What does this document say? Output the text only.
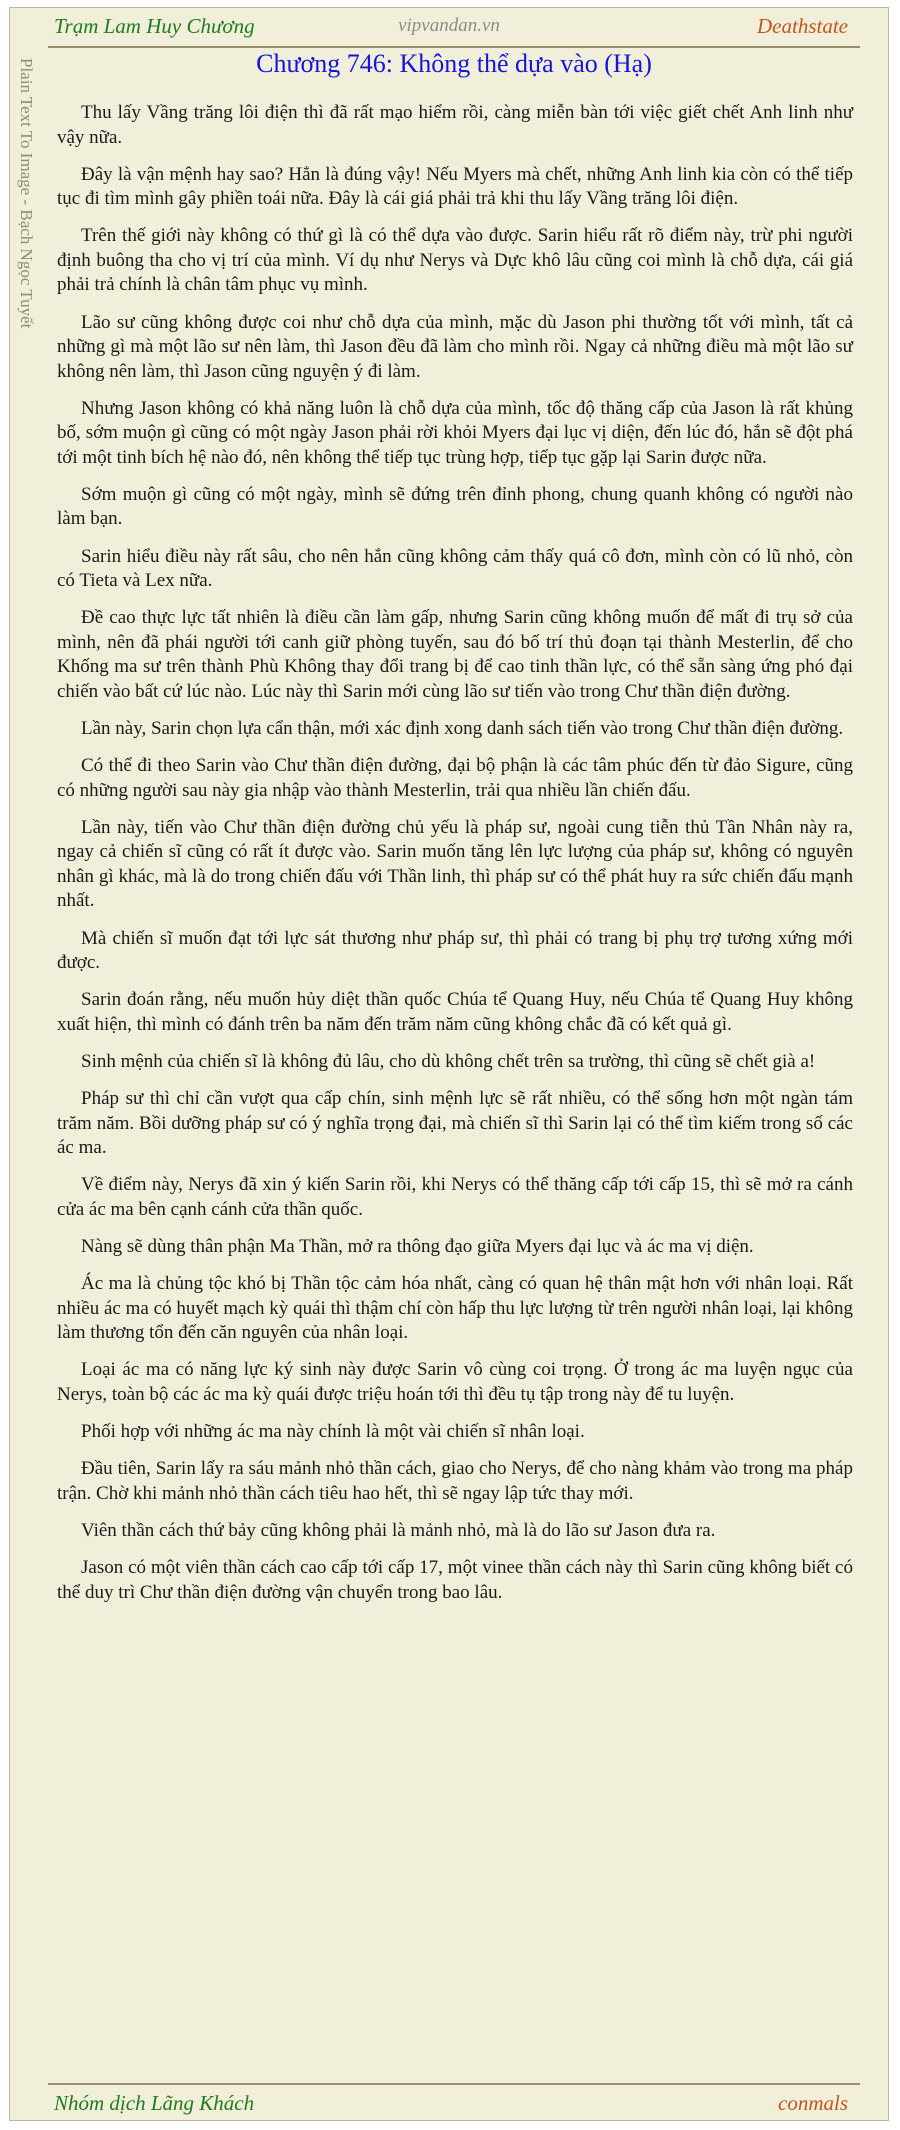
Trạm Lam Huy Chương	vipvandan.vn	Deathstate
Plain Text To Image - Bạch Ngọc Tuyết	Chương 746: Không thể dựa vào (Hạ)

Thu lấy Vầng trăng lôi điện thì đã rất mạo hiểm rồi, càng miễn bàn tới việc giết chết Anh linh như vậy nữa.

Đây là vận mệnh hay sao? Hẳn là đúng vậy! Nếu Myers mà chết, những Anh linh kia còn có thể tiếp tục đi tìm mình gây phiền toái nữa. Đây là cái giá phải trả khi thu lấy Vầng trăng lôi điện.

Trên thế giới này không có thứ gì là có thể dựa vào được. Sarin hiểu rất rõ điểm này, trừ phi người định buông tha cho vị trí của mình. Ví dụ như Nerys và Dực khô lâu cũng coi mình là chỗ dựa, cái giá phải trả chính là chân tâm phục vụ mình.

Lão sư cũng không được coi như chỗ dựa của mình, mặc dù Jason phi thường tốt với mình, tất cả những gì mà một lão sư nên làm, thì Jason đều đã làm cho mình rồi. Ngay cả những điều mà một lão sư không nên làm, thì Jason cũng nguyện ý đi làm.

Nhưng Jason không có khả năng luôn là chỗ dựa của mình, tốc độ thăng cấp của Jason là rất khủng bố, sớm muộn gì cũng có một ngày Jason phải rời khỏi Myers đại lục vị diện, đến lúc đó, hắn sẽ đột phá tới một tinh bích hệ nào đó, nên không thể tiếp tục trùng hợp, tiếp tục gặp lại Sarin được nữa.

Sớm muộn gì cũng có một ngày, mình sẽ đứng trên đỉnh phong, chung quanh không có người nào làm bạn.

Sarin hiểu điều này rất sâu, cho nên hắn cũng không cảm thấy quá cô đơn, mình còn có lũ nhỏ, còn có Tieta và Lex nữa.

Đề cao thực lực tất nhiên là điều cần làm gấp, nhưng Sarin cũng không muốn để mất đi trụ sở của mình, nên đã phái người tới canh giữ phòng tuyến, sau đó bố trí thủ đoạn tại thành Mesterlin, để cho Khống ma sư trên thành Phù Không thay đổi trang bị để cao tinh thần lực, có thể sẵn sàng ứng phó đại chiến vào bất cứ lúc nào. Lúc này thì Sarin mới cùng lão sư tiến vào trong Chư thần điện đường.

Lần này, Sarin chọn lựa cẩn thận, mới xác định xong danh sách tiến vào trong Chư thần điện đường.

Có thể đi theo Sarin vào Chư thần điện đường, đại bộ phận là các tâm phúc đến từ đảo Sigure, cũng có những người sau này gia nhập vào thành Mesterlin, trải qua nhiều lần chiến đấu.

Lần này, tiến vào Chư thần điện đường chủ yếu là pháp sư, ngoài cung tiễn thủ Tần Nhân này ra, ngay cả chiến sĩ cũng có rất ít được vào. Sarin muốn tăng lên lực lượng của pháp sư, không có nguyên nhân gì khác, mà là do trong chiến đấu với Thần linh, thì pháp sư có thể phát huy ra sức chiến đấu mạnh nhất.

Mà chiến sĩ muốn đạt tới lực sát thương như pháp sư, thì phải có trang bị phụ trợ tương xứng mới được.

Sarin đoán rằng, nếu muốn hủy diệt thần quốc Chúa tể Quang Huy, nếu Chúa tể Quang Huy không xuất hiện, thì mình có đánh trên ba năm đến trăm năm cũng không chắc đã có kết quả gì.

Sinh mệnh của chiến sĩ là không đủ lâu, cho dù không chết trên sa trường, thì cũng sẽ chết già a!

Pháp sư thì chỉ cần vượt qua cấp chín, sinh mệnh lực sẽ rất nhiều, có thể sống hơn một ngàn tám trăm năm. Bồi dưỡng pháp sư có ý nghĩa trọng đại, mà chiến sĩ thì Sarin lại có thể tìm kiếm trong số các ác ma.

Về điểm này, Nerys đã xin ý kiến Sarin rồi, khi Nerys có thể thăng cấp tới cấp 15, thì sẽ mở ra cánh cửa ác ma bên cạnh cánh cửa thần quốc.

Nàng sẽ dùng thân phận Ma Thần, mở ra thông đạo giữa Myers đại lục và ác ma vị diện.

Ác ma là chủng tộc khó bị Thần tộc cảm hóa nhất, càng có quan hệ thân mật hơn với nhân loại. Rất nhiều ác ma có huyết mạch kỳ quái thì thậm chí còn hấp thu lực lượng từ trên người nhân loại, lại không làm thương tổn đến căn nguyên của nhân loại.

Loại ác ma có năng lực ký sinh này được Sarin vô cùng coi trọng. Ở trong ác ma luyện ngục của Nerys, toàn bộ các ác ma kỳ quái được triệu hoán tới thì đều tụ tập trong này để tu luyện.

Phối hợp với những ác ma này chính là một vài chiến sĩ nhân loại.

Đầu tiên, Sarin lấy ra sáu mảnh nhỏ thần cách, giao cho Nerys, để cho nàng khảm vào trong ma pháp trận. Chờ khi mảnh nhỏ thần cách tiêu hao hết, thì sẽ ngay lập tức thay mới.

Viên thần cách thứ bảy cũng không phải là mảnh nhỏ, mà là do lão sư Jason đưa ra.

Jason có một viên thần cách cao cấp tới cấp 17, một vinee thần cách này thì Sarin cũng không biết có thể duy trì Chư thần điện đường vận chuyển trong bao lâu.

Nhóm dịch Lãng Khách	conmals
